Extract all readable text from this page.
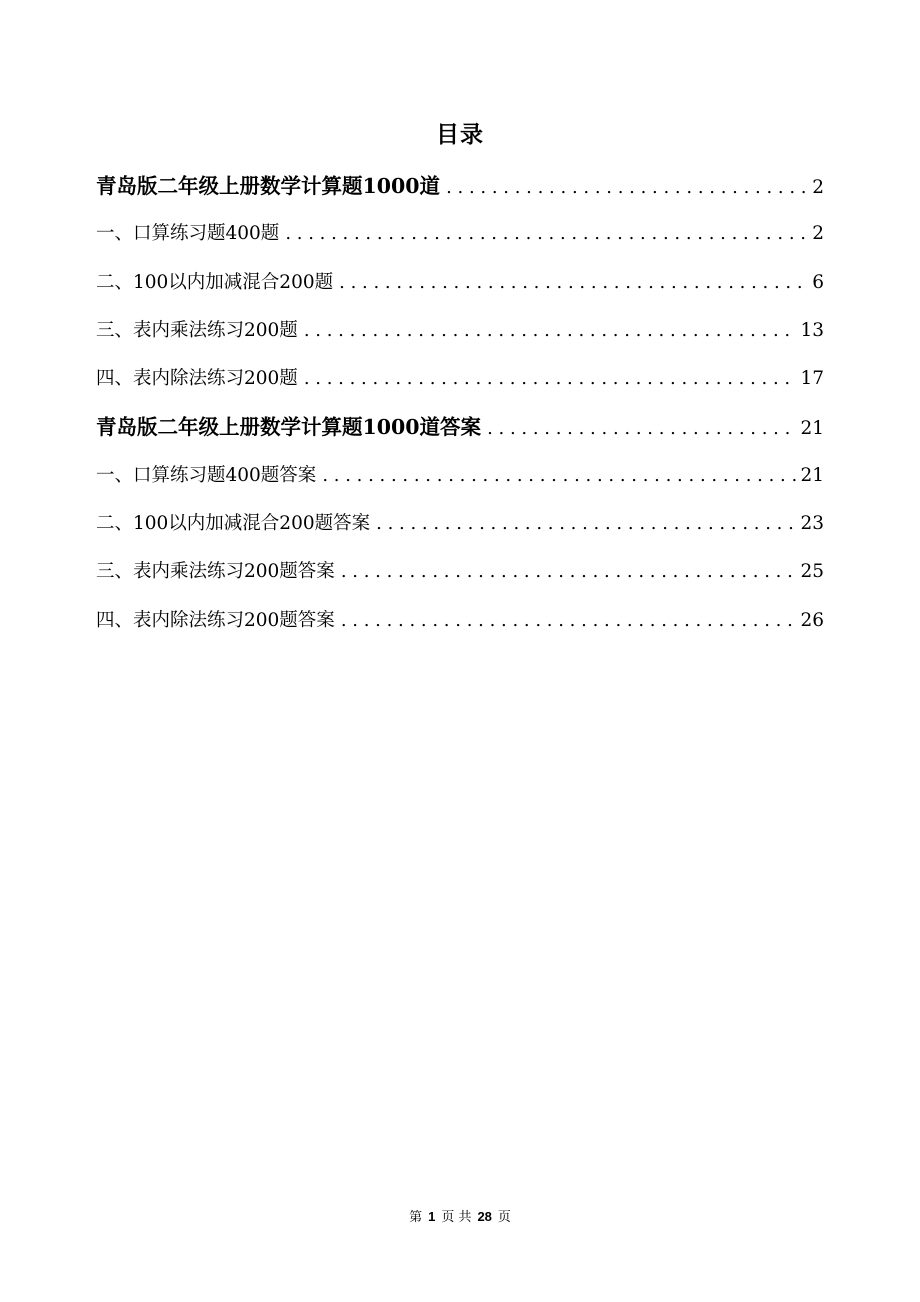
目录
青岛版二年级上册数学计算题1000道 . . .	2
一、口算练习题400题 . . .	2
二、100以内加减混合200题 . . .	6
三、表内乘法练习200题 . . .	13
四、表内除法练习200题 . . .	17
青岛版二年级上册数学计算题1000道答案 . . .	21
一、口算练习题400题答案 . . .	21
二、100以内加减混合200题答案 . . .	23
三、表内乘法练习200题答案 . . .	25
四、表内除法练习200题答案 . . .	26
第 1 页 共 28 页
